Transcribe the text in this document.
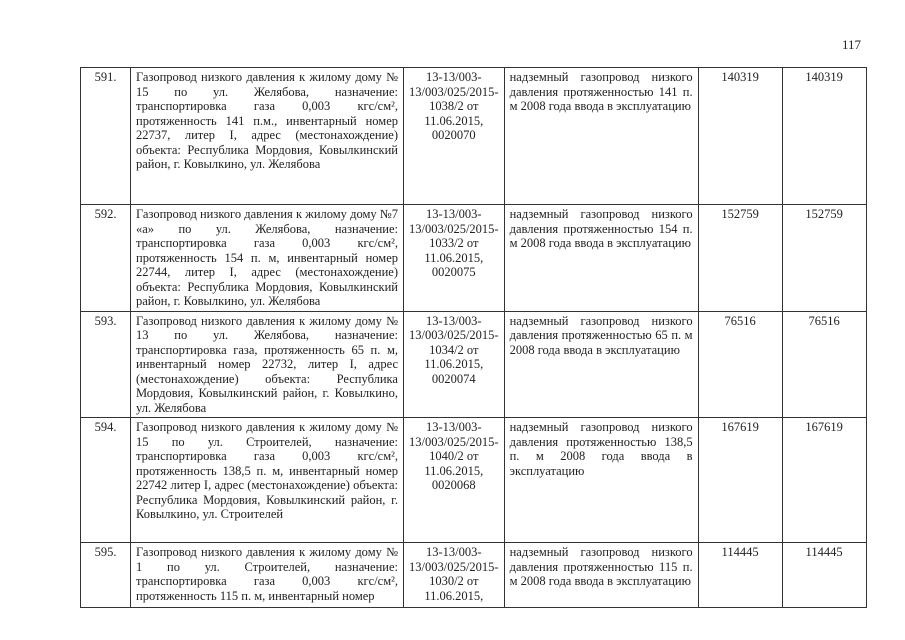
117
591.	Газопровод низкого давления к жилому дому № 15 по ул. Желябова, назначение: транспортировка газа 0,003 кгс/см², протяженность 141 п.м., инвентарный номер 22737, литер I, адрес (местонахождение) объекта: Республика Мордовия, Ковылкинский район, г. Ковылкино, ул. Желябова	13-13/003-13/003/025/2015-1038/2 от 11.06.2015, 0020070	надземный газопровод низкого давления протяженностью 141 п. м 2008 года ввода в эксплуатацию	140319	140319
592.	Газопровод низкого давления к жилому дому №7 «а» по ул. Желябова, назначение: транспортировка газа 0,003 кгс/см², протяженность 154 п. м, инвентарный номер 22744, литер I, адрес (местонахождение) объекта: Республика Мордовия, Ковылкинский район, г. Ковылкино, ул. Желябова	13-13/003-13/003/025/2015-1033/2 от 11.06.2015, 0020075	надземный газопровод низкого давления протяженностью 154 п. м 2008 года ввода в эксплуатацию	152759	152759
593.	Газопровод низкого давления к жилому дому № 13 по ул. Желябова, назначение: транспортировка газа, протяженность 65 п. м, инвентарный номер 22732, литер I, адрес (местонахождение) объекта: Республика Мордовия, Ковылкинский район, г. Ковылкино, ул. Желябова	13-13/003-13/003/025/2015-1034/2 от 11.06.2015, 0020074	надземный газопровод низкого давления протяженностью 65 п. м 2008 года ввода в эксплуатацию	76516	76516
594.	Газопровод низкого давления к жилому дому № 15 по ул. Строителей, назначение: транспортировка газа 0,003 кгс/см², протяженность 138,5 п. м, инвентарный номер 22742 литер I, адрес (местонахождение) объекта: Республика Мордовия, Ковылкинский район, г. Ковылкино, ул. Строителей	13-13/003-13/003/025/2015-1040/2 от 11.06.2015, 0020068	надземный газопровод низкого давления протяженностью 138,5 п. м 2008 года ввода в эксплуатацию	167619	167619
595.	Газопровод низкого давления к жилому дому № 1 по ул. Строителей, назначение: транспортировка газа 0,003 кгс/см², протяженность 115 п. м, инвентарный номер	13-13/003-13/003/025/2015-1030/2 от 11.06.2015,	надземный газопровод низкого давления протяженностью 115 п. м 2008 года ввода в эксплуатацию	114445	114445
